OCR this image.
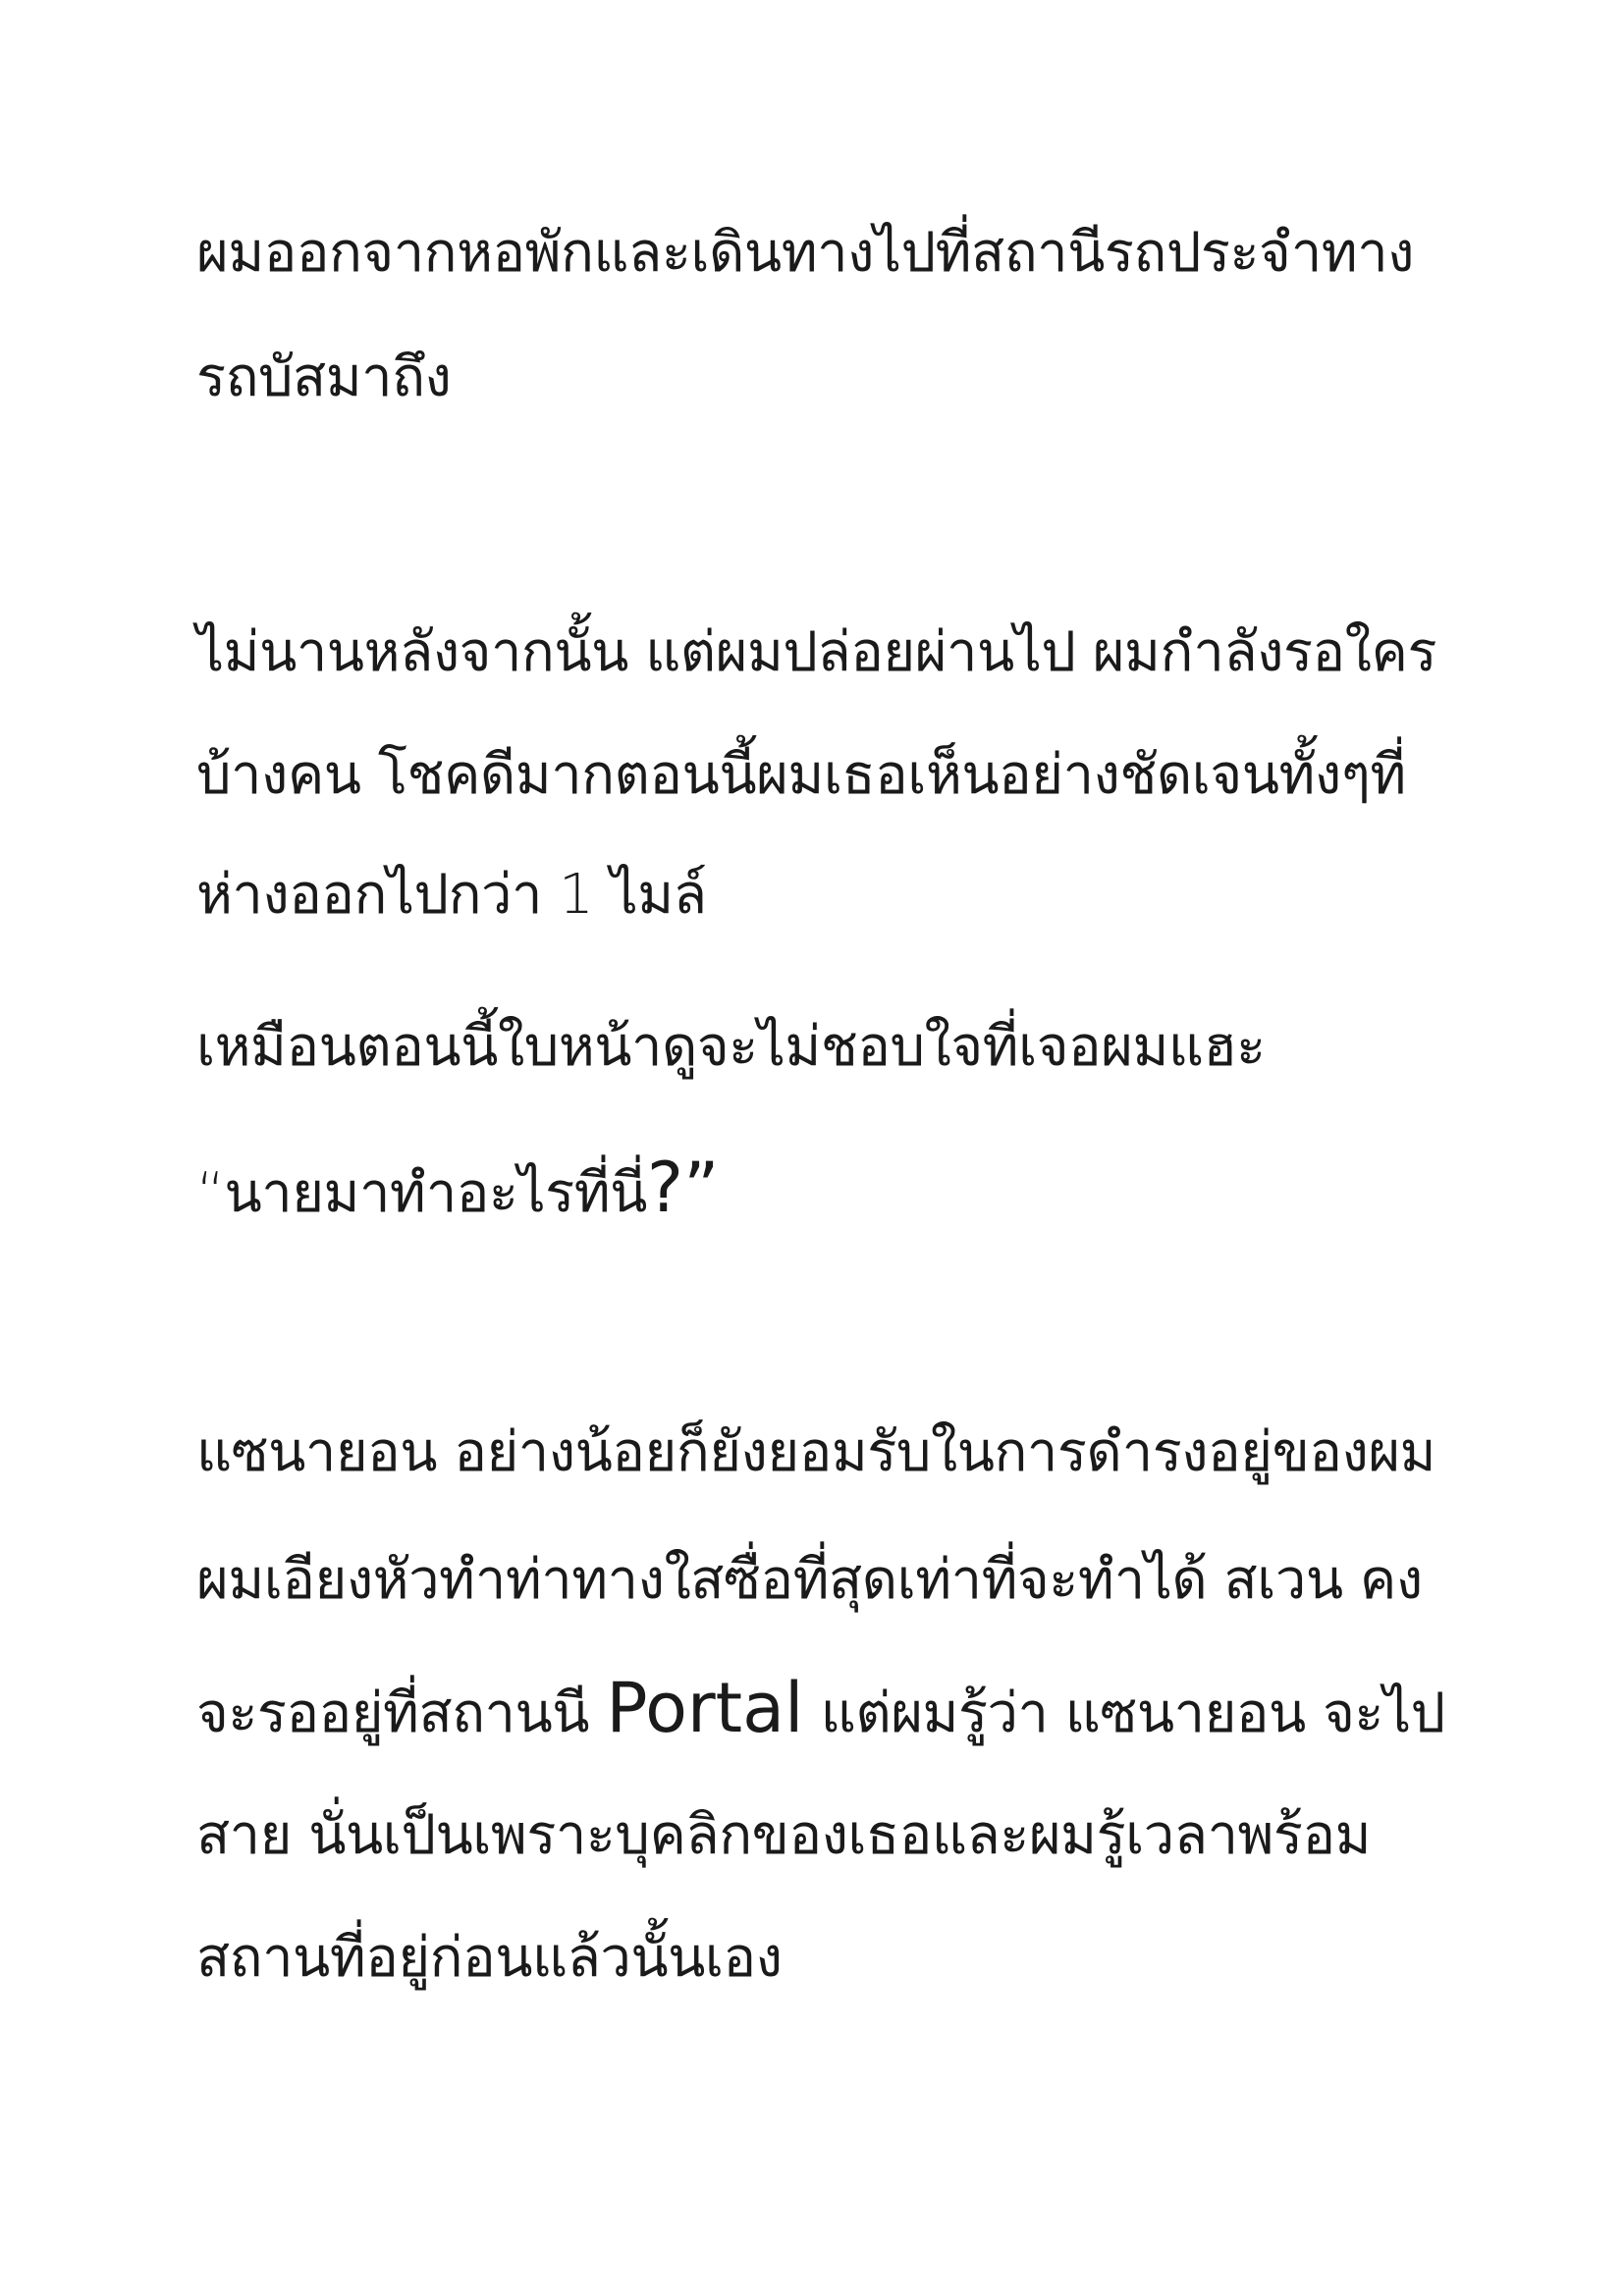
ผมออกจากหอพักและเดินทางไปที่สถานีรถประจำทาง
รถบัสมาถึง
ไม่นานหลังจากนั้น แต่ผมปล่อยผ่านไป ผมกำลังรอใคร
บ้างคน โชคดีมากตอนนี้ผมเธอเห็นอย่างชัดเจนทั้งๆที่
ห่างออกไปกว่า 1 ไมล์
เหมือนตอนนี้ใบหน้าดูจะไม่ชอบใจที่เจอผมแฮะ
“นายมาทำอะไรที่นี่?”
แซนายอน อย่างน้อยก็ยังยอมรับในการดำรงอยู่ของผม
ผมเอียงหัวทำท่าทางใสซื่อที่สุดเท่าที่จะทำได้ สเวน คง
จะรออยู่ที่สถานนี Portal แต่ผมรู้ว่า แซนายอน จะไป
สาย นั่นเป็นเพราะบุคลิกของเธอและผมรู้เวลาพร้อม
สถานที่อยู่ก่อนแล้วนั้นเอง
